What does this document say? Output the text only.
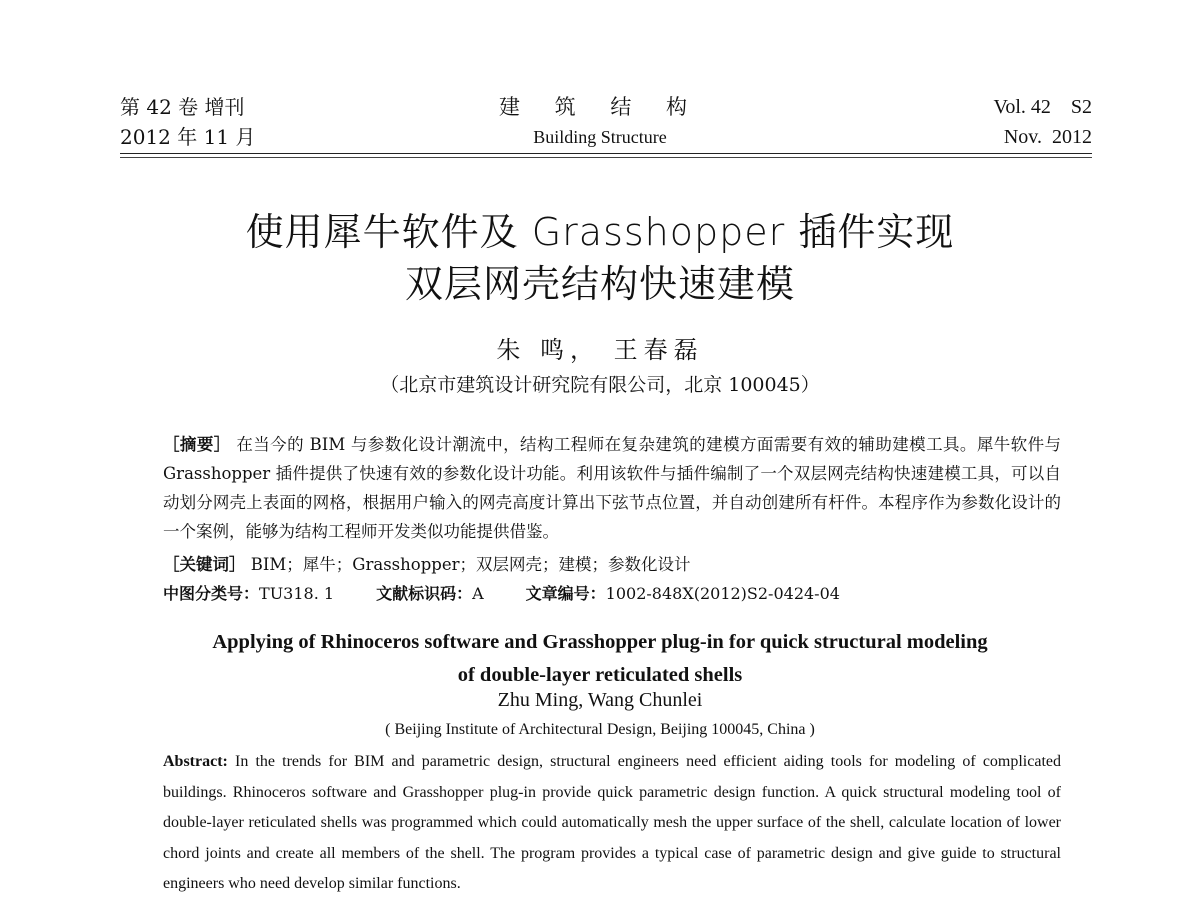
第 42 卷 增刊
2012 年 11 月
建 筑 结 构
Building Structure
Vol. 42    S2
Nov.  2012
使用犀牛软件及 Grasshopper 插件实现
双层网壳结构快速建模
朱 鸣， 王春磊
（北京市建筑设计研究院有限公司，北京 100045）
［摘要］ 在当今的 BIM 与参数化设计潮流中，结构工程师在复杂建筑的建模方面需要有效的辅助建模工具。犀牛软件与 Grasshopper 插件提供了快速有效的参数化设计功能。利用该软件与插件编制了一个双层网壳结构快速建模工具，可以自动划分网壳上表面的网格，根据用户输入的网壳高度计算出下弦节点位置，并自动创建所有杆件。本程序作为参数化设计的一个案例，能够为结构工程师开发类似功能提供借鉴。
［关键词］ BIM；犀牛；Grasshopper；双层网壳；建模；参数化设计
中图分类号：TU318. 1	文献标识码：A	文章编号：1002-848X(2012)S2-0424-04
Applying of Rhinoceros software and Grasshopper plug-in for quick structural modeling
of double-layer reticulated shells
Zhu Ming, Wang Chunlei
( Beijing Institute of Architectural Design, Beijing 100045, China )
Abstract: In the trends for BIM and parametric design, structural engineers need efficient aiding tools for modeling of complicated buildings. Rhinoceros software and Grasshopper plug-in provide quick parametric design function. A quick structural modeling tool of double-layer reticulated shells was programmed which could automatically mesh the upper surface of the shell, calculate location of lower chord joints and create all members of the shell. The program provides a typical case of parametric design and give guide to structural engineers who need develop similar functions.
